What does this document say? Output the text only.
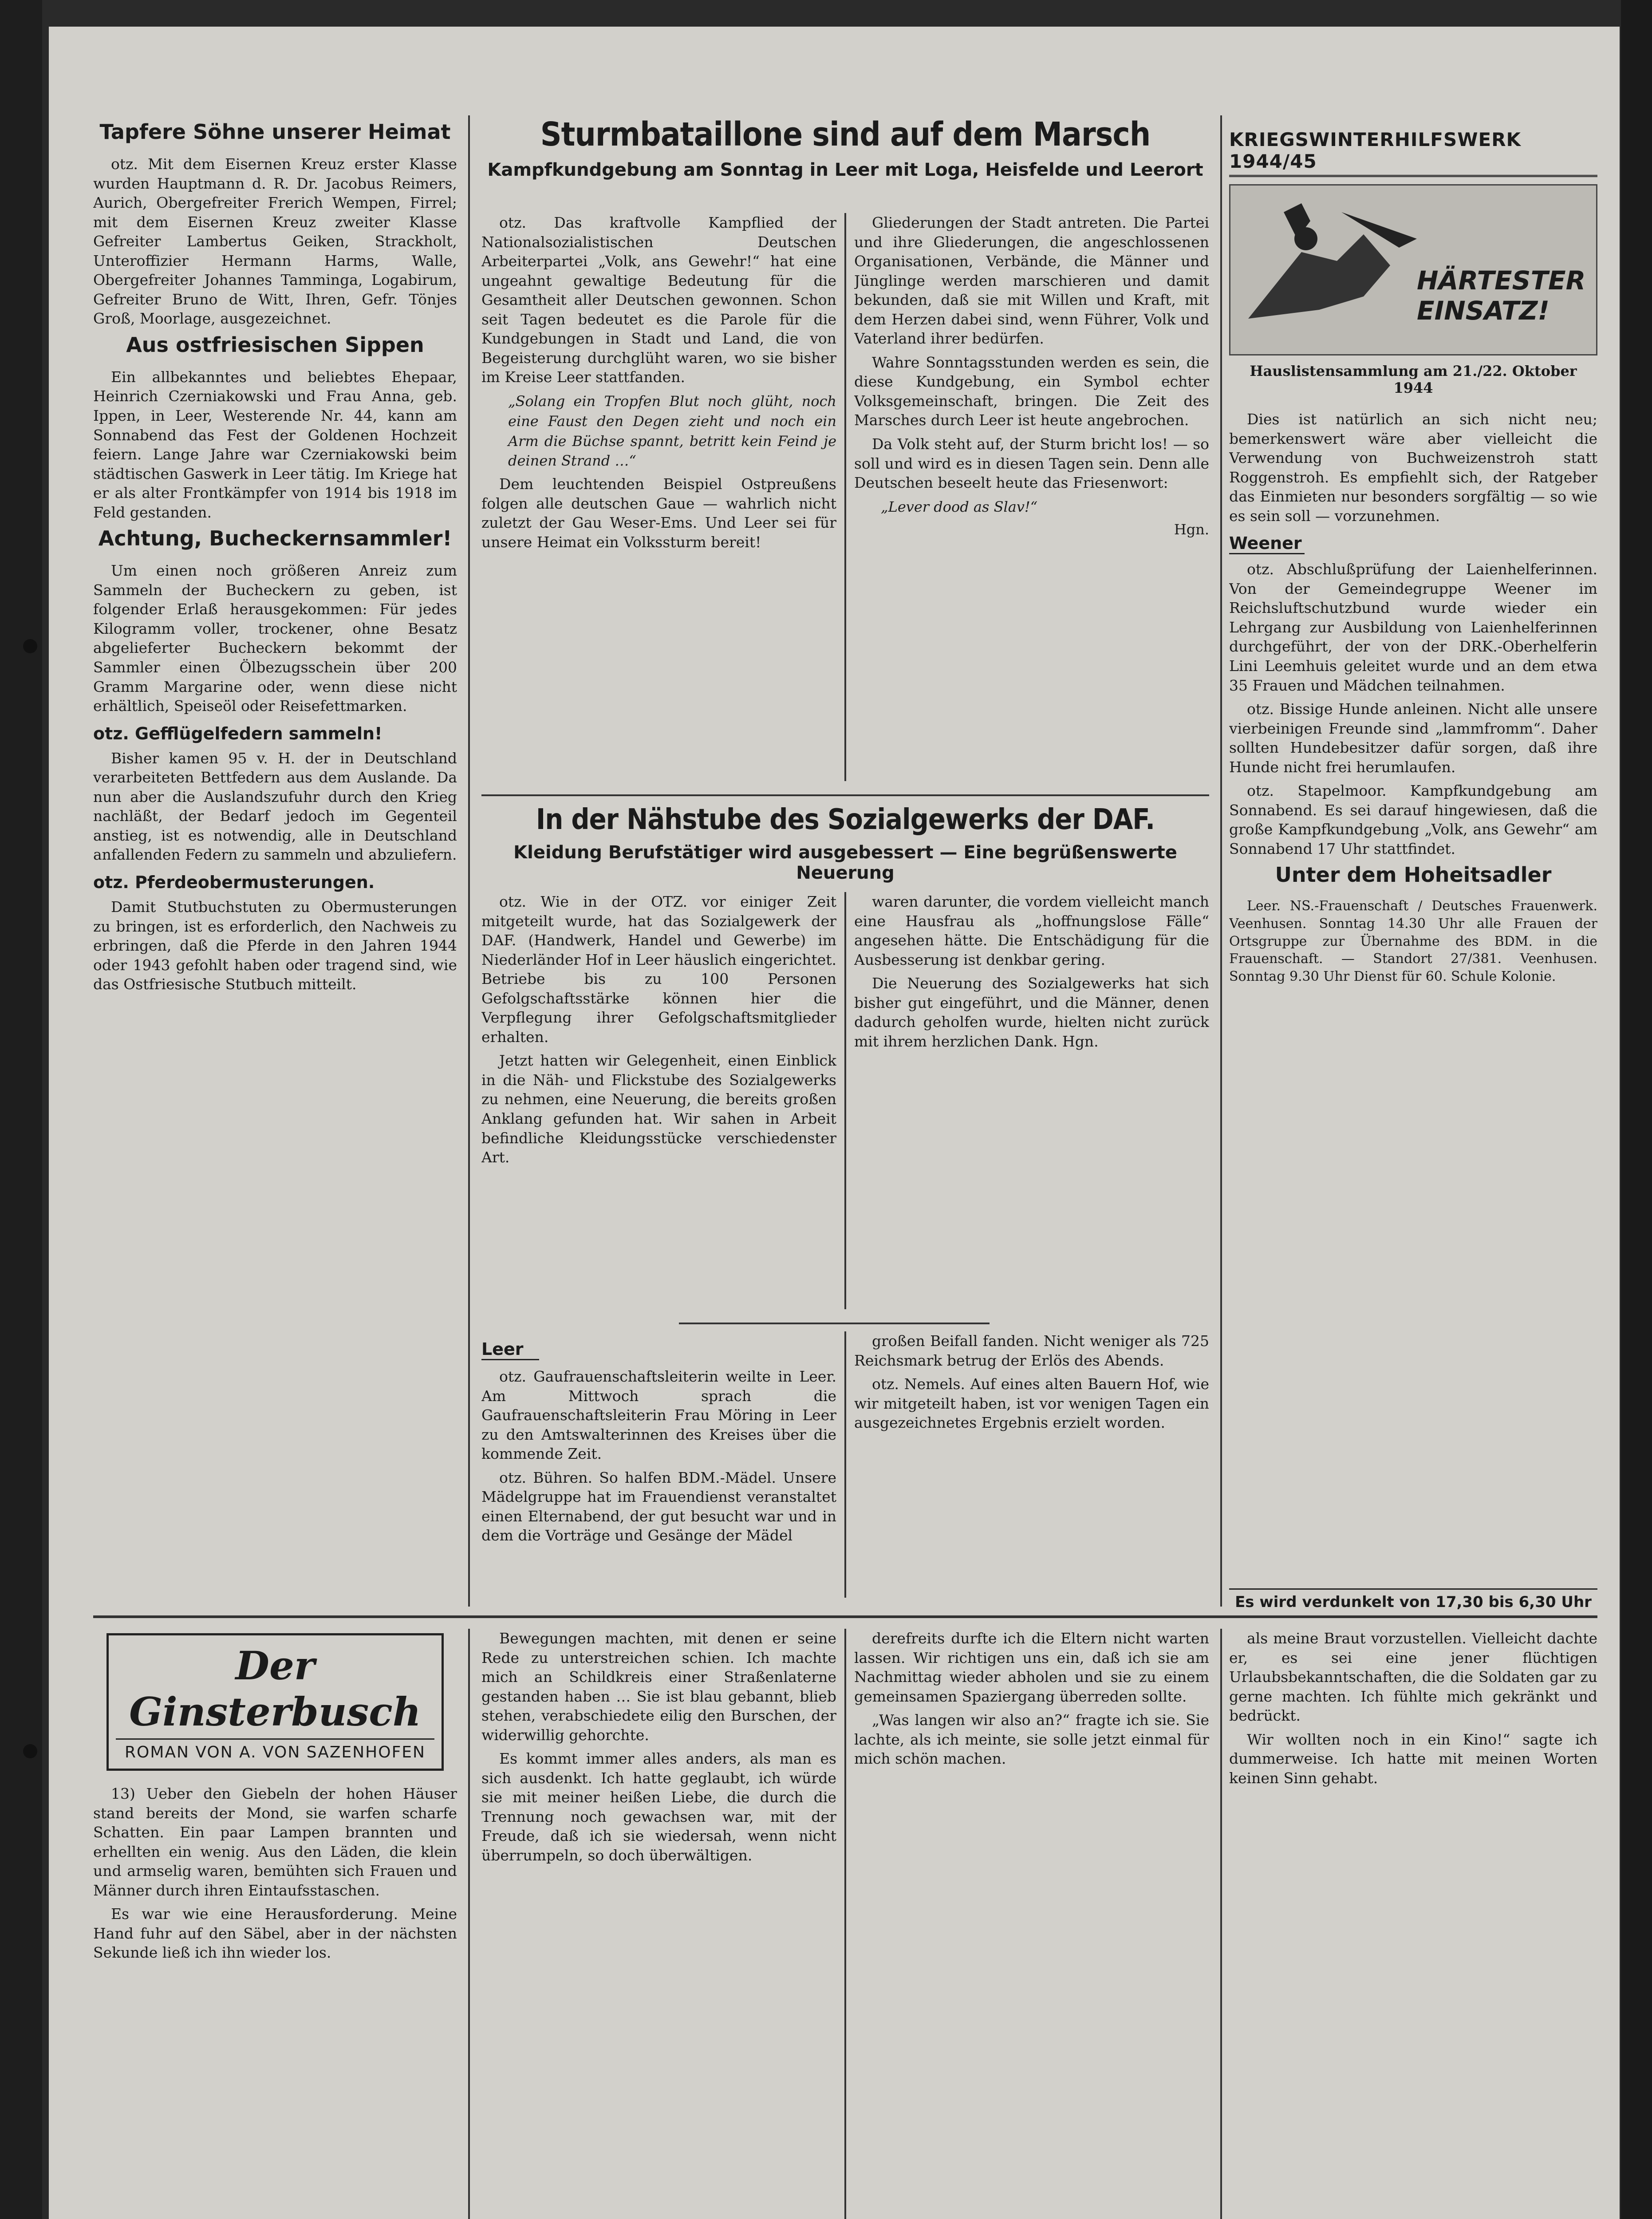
Tapfere Söhne unserer Heimat

otz. Mit dem Eisernen Kreuz erster Klasse wurden Hauptmann d. R. Dr. Jacobus Reimers, Aurich, Obergefreiter Frerich Wempen, Firrel; mit dem Eisernen Kreuz zweiter Klasse Gefreiter Lambertus Geiken, Strackholt, Unteroffizier Hermann Harms, Walle, Obergefreiter Johannes Tamminga, Logabirum, Gefreiter Bruno de Witt, Ihren, Gefr. Tönjes Groß, Moorlage, ausgezeichnet.

Aus ostfriesischen Sippen

Ein allbekanntes und beliebtes Ehepaar, Heinrich Czerniakowski und Frau Anna, geb. Ippen, in Leer, Westerende Nr. 44, kann am Sonnabend das Fest der Goldenen Hochzeit feiern. Lange Jahre war Czerniakowski beim städtischen Gaswerk in Leer tätig. Im Kriege hat er als alter Frontkämpfer von 1914 bis 1918 im Feld gestanden.

Achtung, Bucheckernsammler!

Um einen noch größeren Anreiz zum Sammeln der Bucheckern zu geben, ist folgender Erlaß herausgekommen: Für jedes Kilogramm voller, trockener, ohne Besatz abgelieferter Bucheckern bekommt der Sammler einen Ölbezugsschein über 200 Gramm Margarine oder, wenn diese nicht erhältlich, Speiseöl oder Reisefettmarken.

otz. Gefflügelfedern sammeln!

Bisher kamen 95 v. H. der in Deutschland verarbeiteten Bettfedern aus dem Auslande. Da nun aber die Auslandszufuhr durch den Krieg nachläßt, der Bedarf jedoch im Gegenteil anstieg, ist es notwendig, alle in Deutschland anfallenden Federn zu sammeln und abzuliefern.

otz. Pferdeobermusterungen.

Damit Stutbuchstuten zu Obermusterungen zu bringen, ist es erforderlich, den Nachweis zu erbringen, daß die Pferde in den Jahren 1944 oder 1943 gefohlt haben oder tragend sind, wie das Ostfriesische Stutbuch mitteilt.

Sturmbataillone sind auf dem Marsch
Kampfkundgebung am Sonntag in Leer mit Loga, Heisfelde und Leerort

otz. Das kraftvolle Kampflied der Nationalsozialistischen Deutschen Arbeiterpartei „Volk, ans Gewehr!“ hat eine ungeahnt gewaltige Bedeutung für die Gesamtheit aller Deutschen gewonnen. Schon seit Tagen bedeutet es die Parole für die Kundgebungen in Stadt und Land, die von Begeisterung durchglüht waren, wo sie bisher im Kreise Leer stattfanden.

„Solang ein Tropfen Blut noch glüht, noch eine Faust den Degen zieht und noch ein Arm die Büchse spannt, betritt kein Feind je deinen Strand …“

Dem leuchtenden Beispiel Ostpreußens folgen alle deutschen Gaue — wahrlich nicht zuletzt der Gau Weser-Ems. Und Leer sei für unsere Heimat ein Volkssturm bereit!

Gliederungen der Stadt antreten. Die Partei und ihre Gliederungen, die angeschlossenen Organisationen, Verbände, die Männer und Jünglinge werden marschieren und damit bekunden, daß sie mit Willen und Kraft, mit dem Herzen dabei sind, wenn Führer, Volk und Vaterland ihrer bedürfen.

Wahre Sonntagsstunden werden es sein, die diese Kundgebung, ein Symbol echter Volksgemeinschaft, bringen. Die Zeit des Marsches durch Leer ist heute angebrochen.

Da Volk steht auf, der Sturm bricht los! — so soll und wird es in diesen Tagen sein. Denn alle Deutschen beseelt heute das Friesenwort:

„Lever dood as Slav!“

Hgn.

In der Nähstube des Sozialgewerks der DAF.
Kleidung Berufstätiger wird ausgebessert — Eine begrüßenswerte Neuerung

otz. Wie in der OTZ. vor einiger Zeit mitgeteilt wurde, hat das Sozialgewerk der DAF. (Handwerk, Handel und Gewerbe) im Niederländer Hof in Leer häuslich eingerichtet. Betriebe bis zu 100 Personen Gefolgschaftsstärke können hier die Verpflegung ihrer Gefolgschaftsmitglieder erhalten.

Jetzt hatten wir Gelegenheit, einen Einblick in die Näh- und Flickstube des Sozialgewerks zu nehmen, eine Neuerung, die bereits großen Anklang gefunden hat. Wir sahen in Arbeit befindliche Kleidungsstücke verschiedenster Art.

waren darunter, die vordem vielleicht manch eine Hausfrau als „hoffnungslose Fälle“ angesehen hätte. Die Entschädigung für die Ausbesserung ist denkbar gering.

Die Neuerung des Sozialgewerks hat sich bisher gut eingeführt, und die Männer, denen dadurch geholfen wurde, hielten nicht zurück mit ihrem herzlichen Dank. Hgn.

Leer

otz. Gaufrauenschaftsleiterin weilte in Leer. Am Mittwoch sprach die Gaufrauenschaftsleiterin Frau Möring in Leer zu den Amtswalterinnen des Kreises über die kommende Zeit.

otz. Bühren. So halfen BDM.-Mädel. Unsere Mädelgruppe hat im Frauendienst veranstaltet einen Elternabend, der gut besucht war und in dem die Vorträge und Gesänge der Mädel

großen Beifall fanden. Nicht weniger als 725 Reichsmark betrug der Erlös des Abends.

otz. Nemels. Auf eines alten Bauern Hof, wie wir mitgeteilt haben, ist vor wenigen Tagen ein ausgezeichnetes Ergebnis erzielt worden.

KRIEGSWINTERHILFSWERK 1944/45
HÄRTESTER EINSATZ!
Hauslistensammlung am 21./22. Oktober 1944

Dies ist natürlich an sich nicht neu; bemerkenswert wäre aber vielleicht die Verwendung von Buchweizenstroh statt Roggenstroh. Es empfiehlt sich, der Ratgeber das Einmieten nur besonders sorgfältig — so wie es sein soll — vorzunehmen.

Weener

otz. Abschlußprüfung der Laienhelferinnen. Von der Gemeindegruppe Weener im Reichsluftschutzbund wurde wieder ein Lehrgang zur Ausbildung von Laienhelferinnen durchgeführt, der von der DRK.-Oberhelferin Lini Leemhuis geleitet wurde und an dem etwa 35 Frauen und Mädchen teilnahmen.

otz. Bissige Hunde anleinen. Nicht alle unsere vierbeinigen Freunde sind „lammfromm“. Daher sollten Hundebesitzer dafür sorgen, daß ihre Hunde nicht frei herumlaufen.

otz. Stapelmoor. Kampfkundgebung am Sonnabend. Es sei darauf hingewiesen, daß die große Kampfkundgebung „Volk, ans Gewehr“ am Sonnabend 17 Uhr stattfindet.

Unter dem Hoheitsadler

Leer. NS.-Frauenschaft / Deutsches Frauenwerk. Veenhusen. Sonntag 14.30 Uhr alle Frauen der Ortsgruppe zur Übernahme des BDM. in die Frauenschaft. — Standort 27/381. Veenhusen. Sonntag 9.30 Uhr Dienst für 60. Schule Kolonie.

Es wird verdunkelt von 17,30 bis 6,30 Uhr
Der Ginsterbusch
ROMAN VON A. VON SAZENHOFEN

13) Ueber den Giebeln der hohen Häuser stand bereits der Mond, sie warfen scharfe Schatten. Ein paar Lampen brannten und erhellten ein wenig. Aus den Läden, die klein und armselig waren, bemühten sich Frauen und Männer durch ihren Eintaufsstaschen.

Es war wie eine Herausforderung. Meine Hand fuhr auf den Säbel, aber in der nächsten Sekunde ließ ich ihn wieder los.

Bewegungen machten, mit denen er seine Rede zu unterstreichen schien. Ich machte mich an Schildkreis einer Straßenlaterne gestanden haben … Sie ist blau gebannt, blieb stehen, verabschiedete eilig den Burschen, der widerwillig gehorchte.

Es kommt immer alles anders, als man es sich ausdenkt. Ich hatte geglaubt, ich würde sie mit meiner heißen Liebe, die durch die Trennung noch gewachsen war, mit der Freude, daß ich sie wiedersah, wenn nicht überrumpeln, so doch überwältigen.

derefreits durfte ich die Eltern nicht warten lassen. Wir richtigen uns ein, daß ich sie am Nachmittag wieder abholen und sie zu einem gemeinsamen Spaziergang überreden sollte.

„Was langen wir also an?“ fragte ich sie. Sie lachte, als ich meinte, sie solle jetzt einmal für mich schön machen.

als meine Braut vorzustellen. Vielleicht dachte er, es sei eine jener flüchtigen Urlaubsbekanntschaften, die die Soldaten gar zu gerne machten. Ich fühlte mich gekränkt und bedrückt.

Wir wollten noch in ein Kino!“ sagte ich dummerweise. Ich hatte mit meinen Worten keinen Sinn gehabt.
